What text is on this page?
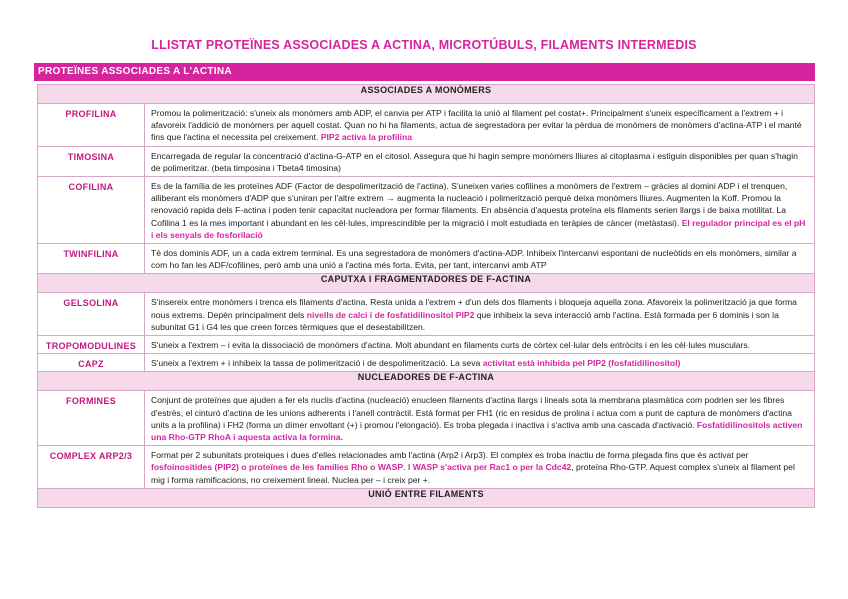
LLISTAT PROTEÏNES ASSOCIADES A ACTINA, MICROTÚBULS, FILAMENTS INTERMEDIS
PROTEÏNES ASSOCIADES A L'ACTINA
ASSOCIADES A MONÒMERS	
PROFILINA	Promou la polimerització: s'uneix als monòmers amb ADP, el canvia per ATP i facilita la unió al filament pel costat+. Principalment s'uneix específicament a l'extrem + i afavoreix l'addició de monòmers per aquell costat. Quan no hi ha filaments, actua de segrestadora per evitar la pèrdua de monòmers de monòmers d'actina-ATP i el manté fins que l'actina el necessita pel creixement. PIP2 activa la profilina
TIMOSINA	Encarregada de regular la concentració d'actina-G-ATP en el citosol. Assegura que hi hagin sempre monòmers lliures al citoplasma i estiguin disponibles per quan s'hagin de polimeritzar. (beta timposina i Tbeta4 timosina)
COFILINA	Es de la família de les proteïnes ADF (Factor de despolimerització de l'actina). S'uneixen varies cofilines a monòmers de l'extrem – gràcies al domini ADP i el trenquen, alliberant els monòmers d'ADP que s'uniran per l'altre extrem → augmenta la nucleació i polimerització perquè deixa monòmers lliures. Augmenten la Koff. Promou la renovació rapida dels F-actina i poden tenir capacitat nucleadora per formar filaments. En absència d'aquesta proteïna els filaments serien llargs i de baixa motilitat. La Cofilina 1 es la mes important i abundant en les cèl·lules, imprescindible per la migració i molt estudiada en teràpies de càncer (metàstasi). El regulador principal es el pH i els senyals de fosforilació
TWINFILINA	Té dos dominis ADF, un a cada extrem terminal. Es una segrestadora de monòmers d'actina-ADP. Inhibeix l'intercanvi espontani de nucleòtids en els monòmers, similar a com ho fan les ADF/cofilines, però amb una unió a l'actina més forta. Evita, per tant, intercanvi amb ATP
CAPUTXA I FRAGMENTADORES DE F-ACTINA	
GELSOLINA	S'insereix entre monòmers i trenca els filaments d'actina. Resta unida a l'extrem + d'un dels dos filaments i bloqueja aquella zona. Afavoreix la polimerització ja que forma nous extrems. Depèn principalment dels nivells de calci i de fosfatidilinositol PIP2 que inhibeix la seva interacció amb l'actina. Està formada per 6 dominis i son la subunitat G1 i G4 les que creen forces tèrmiques que el desestabilitzen.
TROPOMODULINES	S'uneix a l'extrem – i evita la dissociació de monòmers d'actina. Molt abundant en filaments curts de còrtex cel·lular dels eritròcits i en les cèl·lules musculars.
CAPZ	S'uneix a l'extrem + i inhibeix la tassa de polimerització i de despolimerització. La seva activitat està inhibida pel PIP2 (fosfatidilinositol)
NUCLEADORES DE F-ACTINA	
FORMINES	Conjunt de proteïnes que ajuden a fer els nuclis d'actina (nucleació) enucleen filaments d'actina llargs i lineals sota la membrana plasmàtica com podrien ser les fibres d'estrès, el cinturó d'actina de les unions adherents i l'anell contràctil. Està format per FH1 (ric en residus de prolina i actua com a punt de captura de monòmers d'actina units a la profilina) i FH2 (forma un dímer envoltant (+) i promou l'elongació). Es troba plegada i inactiva i s'activa amb una cascada d'activació. Fosfatidilinositols activen una Rho-GTP RhoA i aquesta activa la formina.
COMPLEX ARP2/3	Format per 2 subunitats proteiques i dues d'elles relacionades amb l'actina (Arp2 i Arp3). El complex es troba inactiu de forma plegada fins que és activat per fosfoinositides (PIP2) o proteïnes de les famílies Rho o WASP. I WASP s'activa per Rac1 o per la Cdc42, proteïna Rho-GTP. Aquest complex s'uneix al filament pel mig i forma ramificacions, no creixement lineal. Nuclea per – i creix per +.
UNIÓ ENTRE FILAMENTS	
